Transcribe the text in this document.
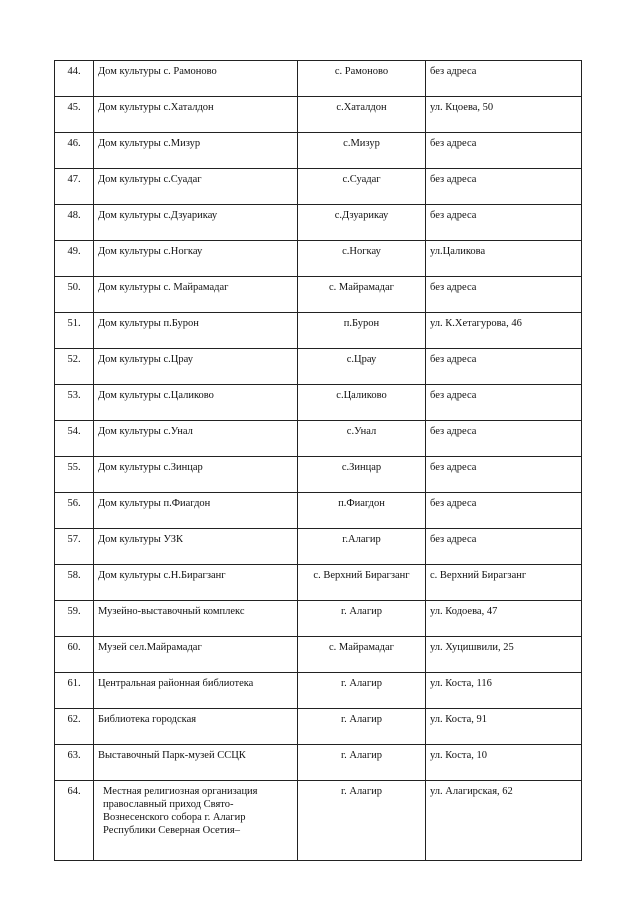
44.	Дом культуры с. Рамоново	с. Рамоново	без адреса
45.	Дом культуры с.Хаталдон	с.Хаталдон	ул. Кцоева, 50
46.	Дом культуры с.Мизур	с.Мизур	без адреса
47.	Дом культуры с.Суадаг	с.Суадаг	без адреса
48.	Дом культуры с.Дзуарикау	с.Дзуарикау	без адреса
49.	Дом культуры с.Ногкау	с.Ногкау	ул.Цаликова
50.	Дом культуры с. Майрамадаг	с. Майрамадаг	без адреса
51.	Дом культуры п.Бурон	п.Бурон	ул. К.Хетагурова, 46
52.	Дом культуры с.Црау	с.Црау	без адреса
53.	Дом культуры с.Цаликово	с.Цаликово	без адреса
54.	Дом культуры с.Унал	с.Унал	без адреса
55.	Дом культуры с.Зинцар	с.Зинцар	без адреса
56.	Дом культуры п.Фиагдон	п.Фиагдон	без адреса
57.	Дом культуры УЗК	г.Алагир	без адреса
58.	Дом культуры с.Н.Бирагзанг	с. Верхний Бирагзанг	с. Верхний Бирагзанг
59.	Музейно-выставочный комплекс	г. Алагир	ул. Кодоева, 47
60.	Музей сел.Майрамадаг	с. Майрамадаг	ул. Хуцишвили, 25
61.	Центральная районная библиотека	г. Алагир	ул. Коста, 116
62.	Библиотека городская	г. Алагир	ул. Коста, 91
63.	Выставочный Парк-музей ССЦК	г. Алагир	ул. Коста, 10
64.	Местная религиозная организация
православный приход Свято-
Вознесенского собора г. Алагир
Республики Северная Осетия–	г. Алагир	ул. Алагирская, 62
